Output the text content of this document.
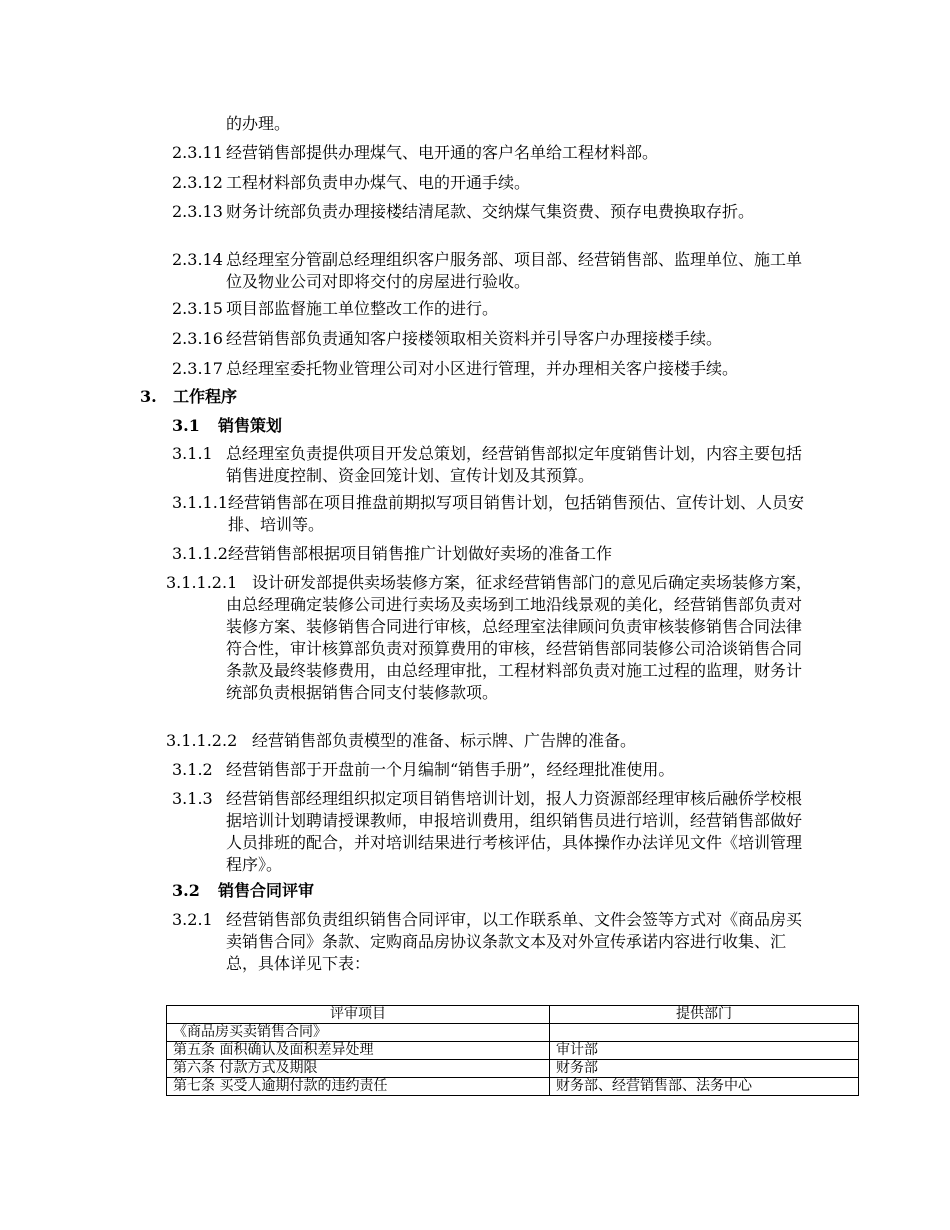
的办理。
2.3.11 经营销售部提供办理煤气、电开通的客户名单给工程材料部。
2.3.12 工程材料部负责申办煤气、电的开通手续。
2.3.13 财务计统部负责办理接楼结清尾款、交纳煤气集资费、预存电费换取存折。
2.3.14 总经理室分管副总经理组织客户服务部、项目部、经营销售部、监理单位、施工单位及物业公司对即将交付的房屋进行验收。
2.3.15 项目部监督施工单位整改工作的进行。
2.3.16 经营销售部负责通知客户接楼领取相关资料并引导客户办理接楼手续。
2.3.17 总经理室委托物业管理公司对小区进行管理，并办理相关客户接楼手续。
3. 工作程序
3.1 销售策划
3.1.1 总经理室负责提供项目开发总策划，经营销售部拟定年度销售计划，内容主要包括销售进度控制、资金回笼计划、宣传计划及其预算。
3.1.1.1 经营销售部在项目推盘前期拟写项目销售计划，包括销售预估、宣传计划、人员安排、培训等。
3.1.1.2 经营销售部根据项目销售推广计划做好卖场的准备工作
3.1.1.2.1 设计研发部提供卖场装修方案，征求经营销售部门的意见后确定卖场装修方案，由总经理确定装修公司进行卖场及卖场到工地沿线景观的美化，经营销售部负责对装修方案、装修销售合同进行审核，总经理室法律顾问负责审核装修销售合同法律符合性，审计核算部负责对预算费用的审核，经营销售部同装修公司洽谈销售合同条款及最终装修费用，由总经理审批，工程材料部负责对施工过程的监理，财务计统部负责根据销售合同支付装修款项。
3.1.1.2.2 经营销售部负责模型的准备、标示牌、广告牌的准备。
3.1.2 经营销售部于开盘前一个月编制“销售手册”，经经理批准使用。
3.1.3 经营销售部经理组织拟定项目销售培训计划，报人力资源部经理审核后融侨学校根据培训计划聘请授课教师，申报培训费用，组织销售员进行培训，经营销售部做好人员排班的配合，并对培训结果进行考核评估，具体操作办法详见文件《培训管理程序》。
3.2 销售合同评审
3.2.1 经营销售部负责组织销售合同评审，以工作联系单、文件会签等方式对《商品房买卖销售合同》条款、定购商品房协议条款文本及对外宣传承诺内容进行收集、汇总，具体详见下表：
评审项目	提供部门
《商品房买卖销售合同》	
第五条 面积确认及面积差异处理	审计部
第六条 付款方式及期限	财务部
第七条 买受人逾期付款的违约责任	财务部、经营销售部、法务中心
